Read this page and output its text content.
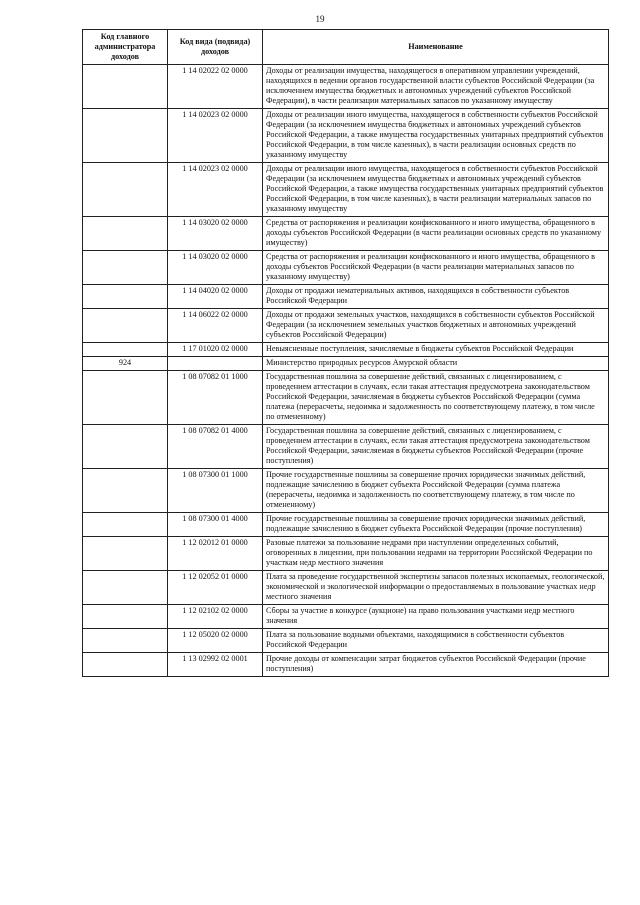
19
Код главного администратора доходов	Код вида (подвида) доходов	Наименование
	1 14 02022 02 0000	Доходы от реализации имущества, находящегося в оперативном управлении учреждений, находящихся в ведении органов государственной власти субъектов Российской Федерации (за исключением имущества бюджетных и автономных учреждений субъектов Российской Федерации), в части реализации материальных запасов по указанному имуществу
	1 14 02023 02 0000	Доходы от реализации иного имущества, находящегося в собственности субъектов Российской Федерации (за исключением имущества бюджетных и автономных учреждений субъектов Российской Федерации, а также имущества государственных унитарных предприятий субъектов Российской Федерации, в том числе казенных), в части реализации основных средств по указанному имуществу
	1 14 02023 02 0000	Доходы от реализации иного имущества, находящегося в собственности субъектов Российской Федерации (за исключением имущества бюджетных и автономных учреждений субъектов Российской Федерации, а также имущества государственных унитарных предприятий субъектов Российской Федерации, в том числе казенных), в части реализации материальных запасов по указанному имуществу
	1 14 03020 02 0000	Средства от распоряжения и реализации конфискованного и иного имущества, обращенного в доходы субъектов Российской Федерации (в части реализации основных средств по указанному имуществу)
	1 14 03020 02 0000	Средства от распоряжения и реализации конфискованного и иного имущества, обращенного в доходы субъектов Российской Федерации (в части реализации материальных запасов по указанному имуществу)
	1 14 04020 02 0000	Доходы от продажи нематериальных активов, находящихся в собственности субъектов Российской Федерации
	1 14 06022 02 0000	Доходы от продажи земельных участков, находящихся в собственности субъектов Российской Федерации (за исключением земельных участков бюджетных и автономных учреждений субъектов Российской Федерации)
	1 17 01020 02 0000	Невыясненные поступления, зачисляемые в бюджеты субъектов Российской Федерации
924		Министерство природных ресурсов Амурской области
	1 08 07082 01 1000	Государственная пошлина за совершение действий, связанных с лицензированием, с проведением аттестации в случаях, если такая аттестация предусмотрена законодательством Российской Федерации, зачисляемая в бюджеты субъектов Российской Федерации (сумма платежа (перерасчеты, недоимка и задолженность по соответствующему платежу, в том числе по отмененному)
	1 08 07082 01 4000	Государственная пошлина за совершение действий, связанных с лицензированием, с проведением аттестации в случаях, если такая аттестация предусмотрена законодательством Российской Федерации, зачисляемая в бюджеты субъектов Российской Федерации (прочие поступления)
	1 08 07300 01 1000	Прочие государственные пошлины за совершение прочих юридически значимых действий, подлежащие зачислению в бюджет субъекта Российской Федерации (сумма платежа (перерасчеты, недоимка и задолженность по соответствующему платежу, в том числе по отмененному)
	1 08 07300 01 4000	Прочие государственные пошлины за совершение прочих юридически значимых действий, подлежащие зачислению в бюджет субъекта Российской Федерации (прочие поступления)
	1 12 02012 01 0000	Разовые платежи за пользование недрами при наступлении определенных событий, оговоренных в лицензии, при пользовании недрами на территории Российской Федерации по участкам недр местного значения
	1 12 02052 01 0000	Плата за проведение государственной экспертизы запасов полезных ископаемых, геологической, экономической и экологической информации о предоставляемых в пользование участках недр местного значения
	1 12 02102 02 0000	Сборы за участие в конкурсе (аукционе) на право пользования участками недр местного значения
	1 12 05020 02 0000	Плата за пользование водными объектами, находящимися в собственности субъектов Российской Федерации
	1 13 02992 02 0001	Прочие доходы от компенсации затрат бюджетов субъектов Российской Федерации (прочие поступления)
